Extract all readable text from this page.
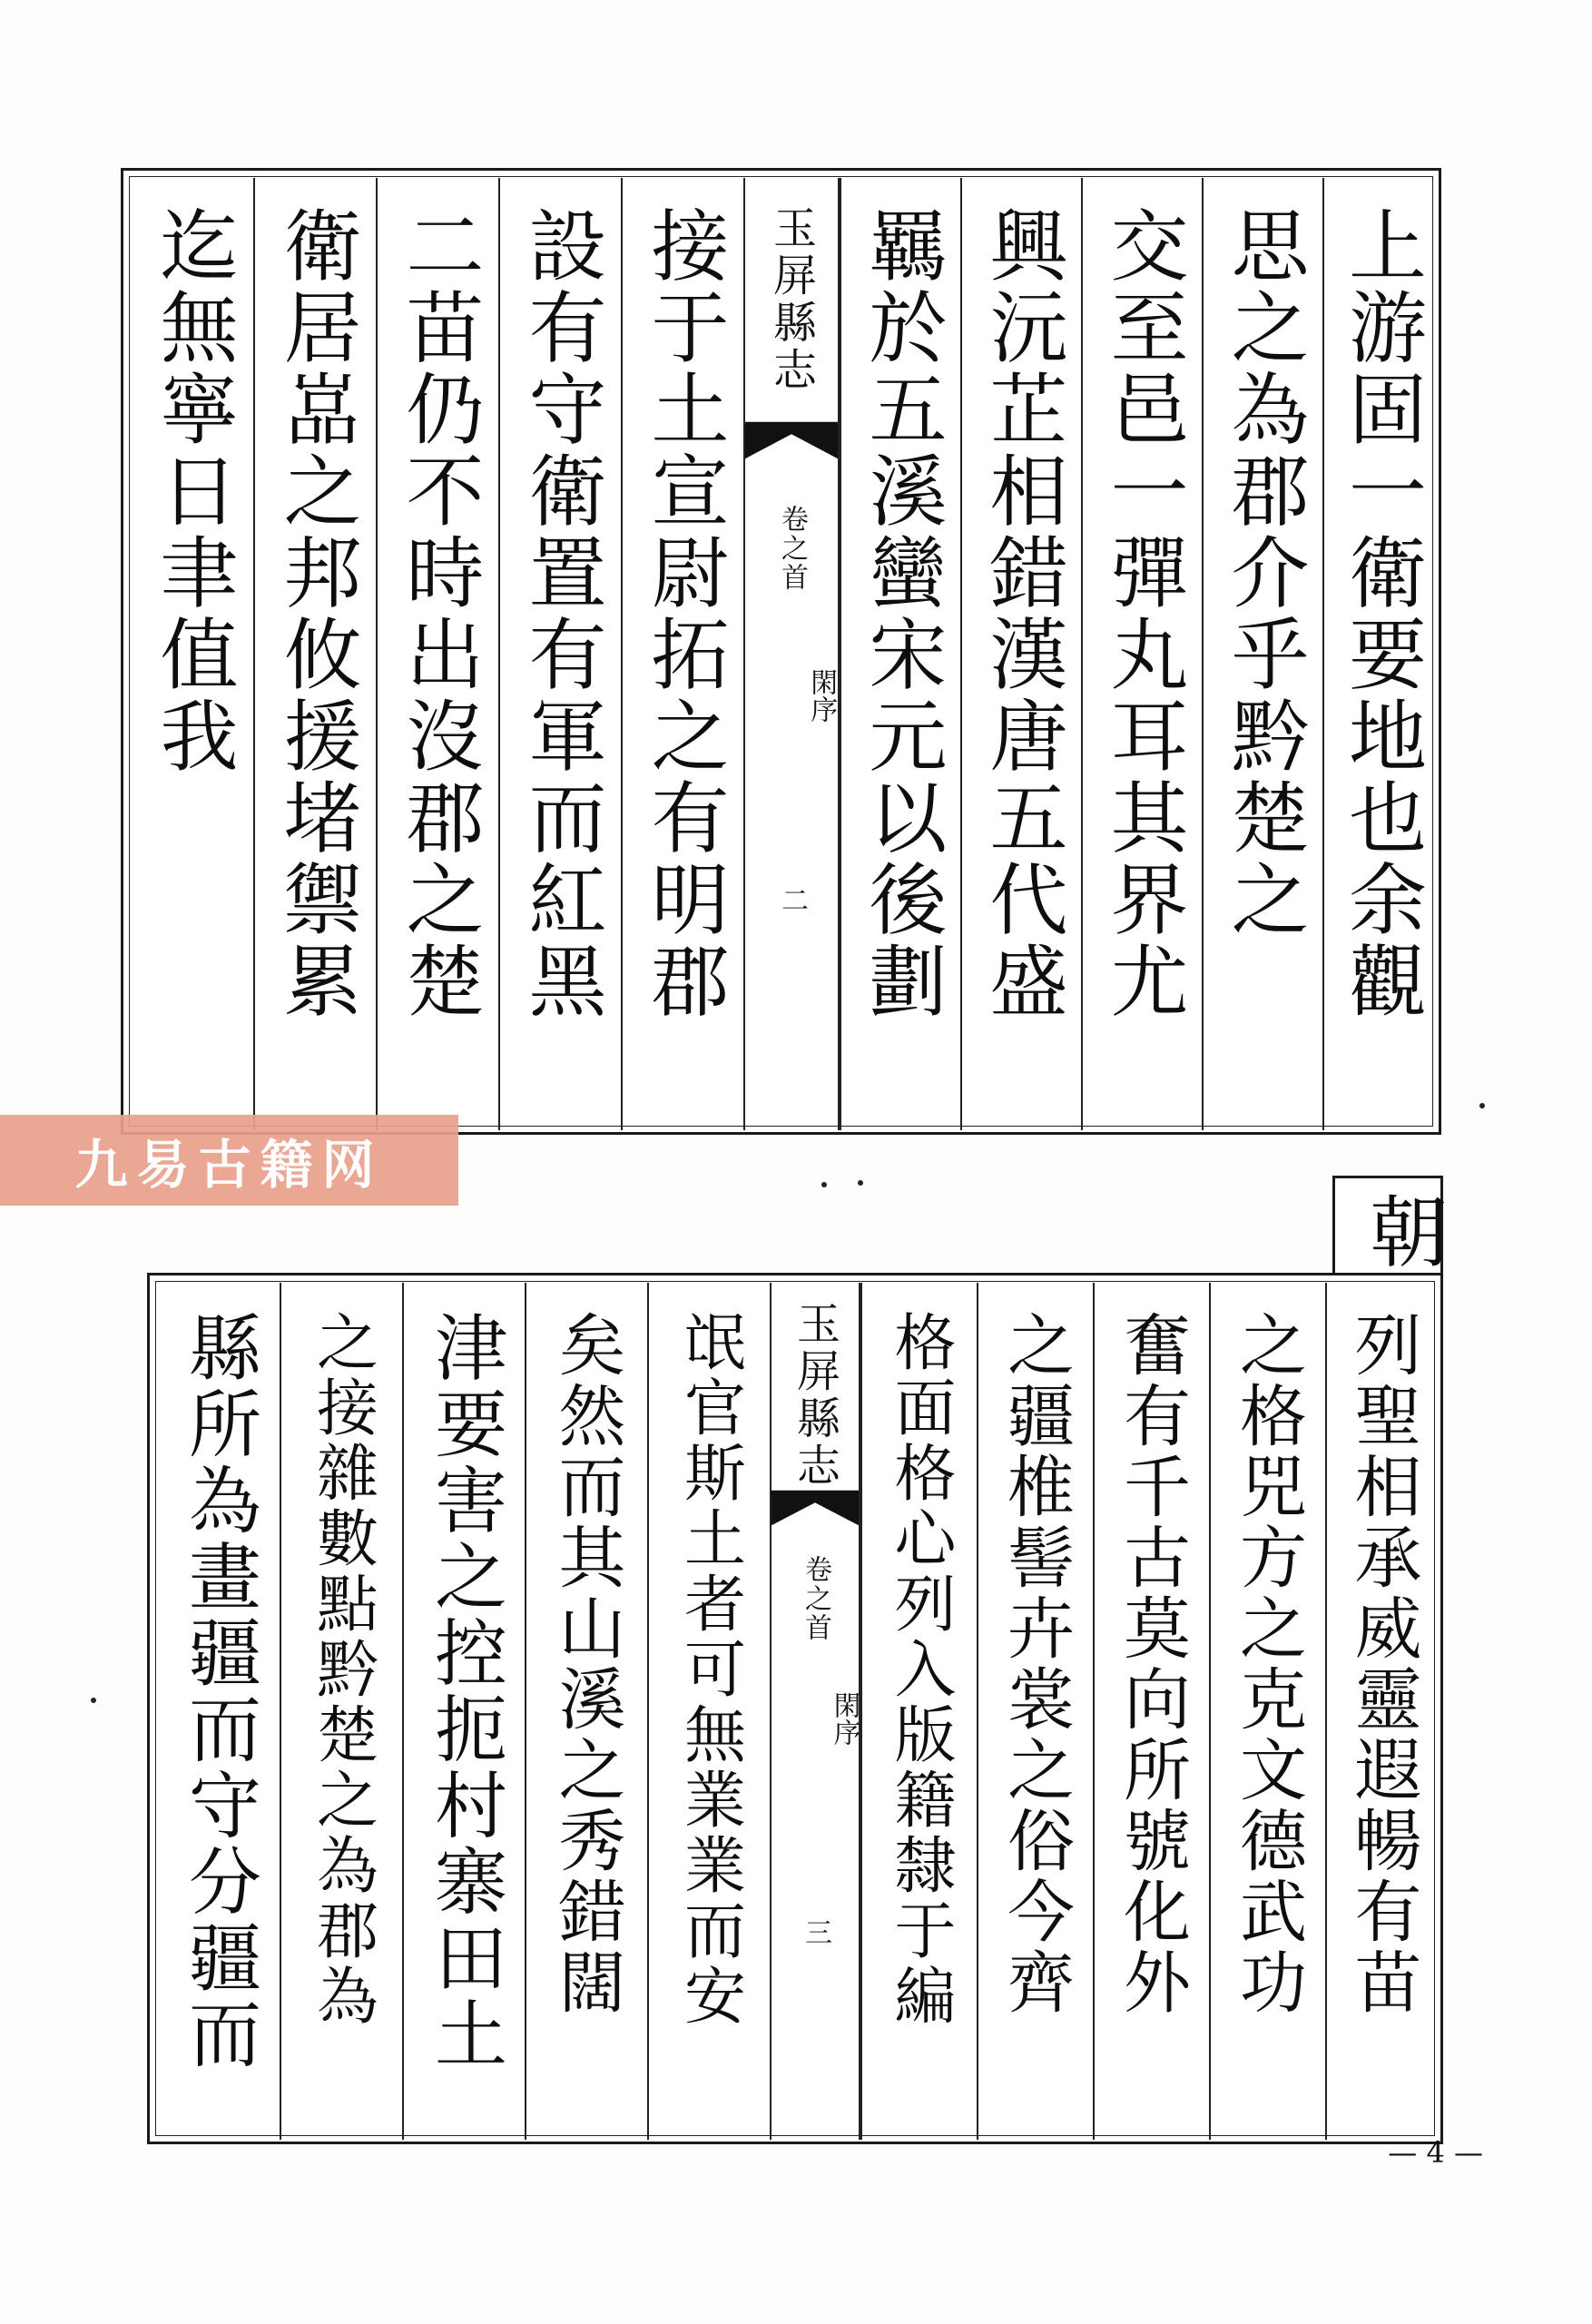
迄無寧日聿值我 衛居嵓之邦攸援堵禦累 二苗仍不時出沒郡之楚 設有守衛置有軍而紅黑 接于土宣尉拓之有明郡 玉屏縣志
卷之首
閑序
二 羈於五溪蠻宋元以後劃 興沅芷相錯漢唐五代盛 交至邑一彈丸耳其界尤 思之為郡介乎黔楚之 上游固一衛要地也余觀
九易古籍网
朝
縣所為畫疆而守分疆而 之接雜數點黔楚之為郡為 津要害之控扼村寨田土 矣然而其山溪之秀錯闊 氓官斯土者可無業業而安 玉屏縣志
卷之首
閑序
三 格面格心列入版籍隸于編 之疆椎髻卉裳之俗今齊 奮有千古莫向所號化外 之格兕方之克文德武功 列聖相承威靈遐暢有苗
— 4 —
